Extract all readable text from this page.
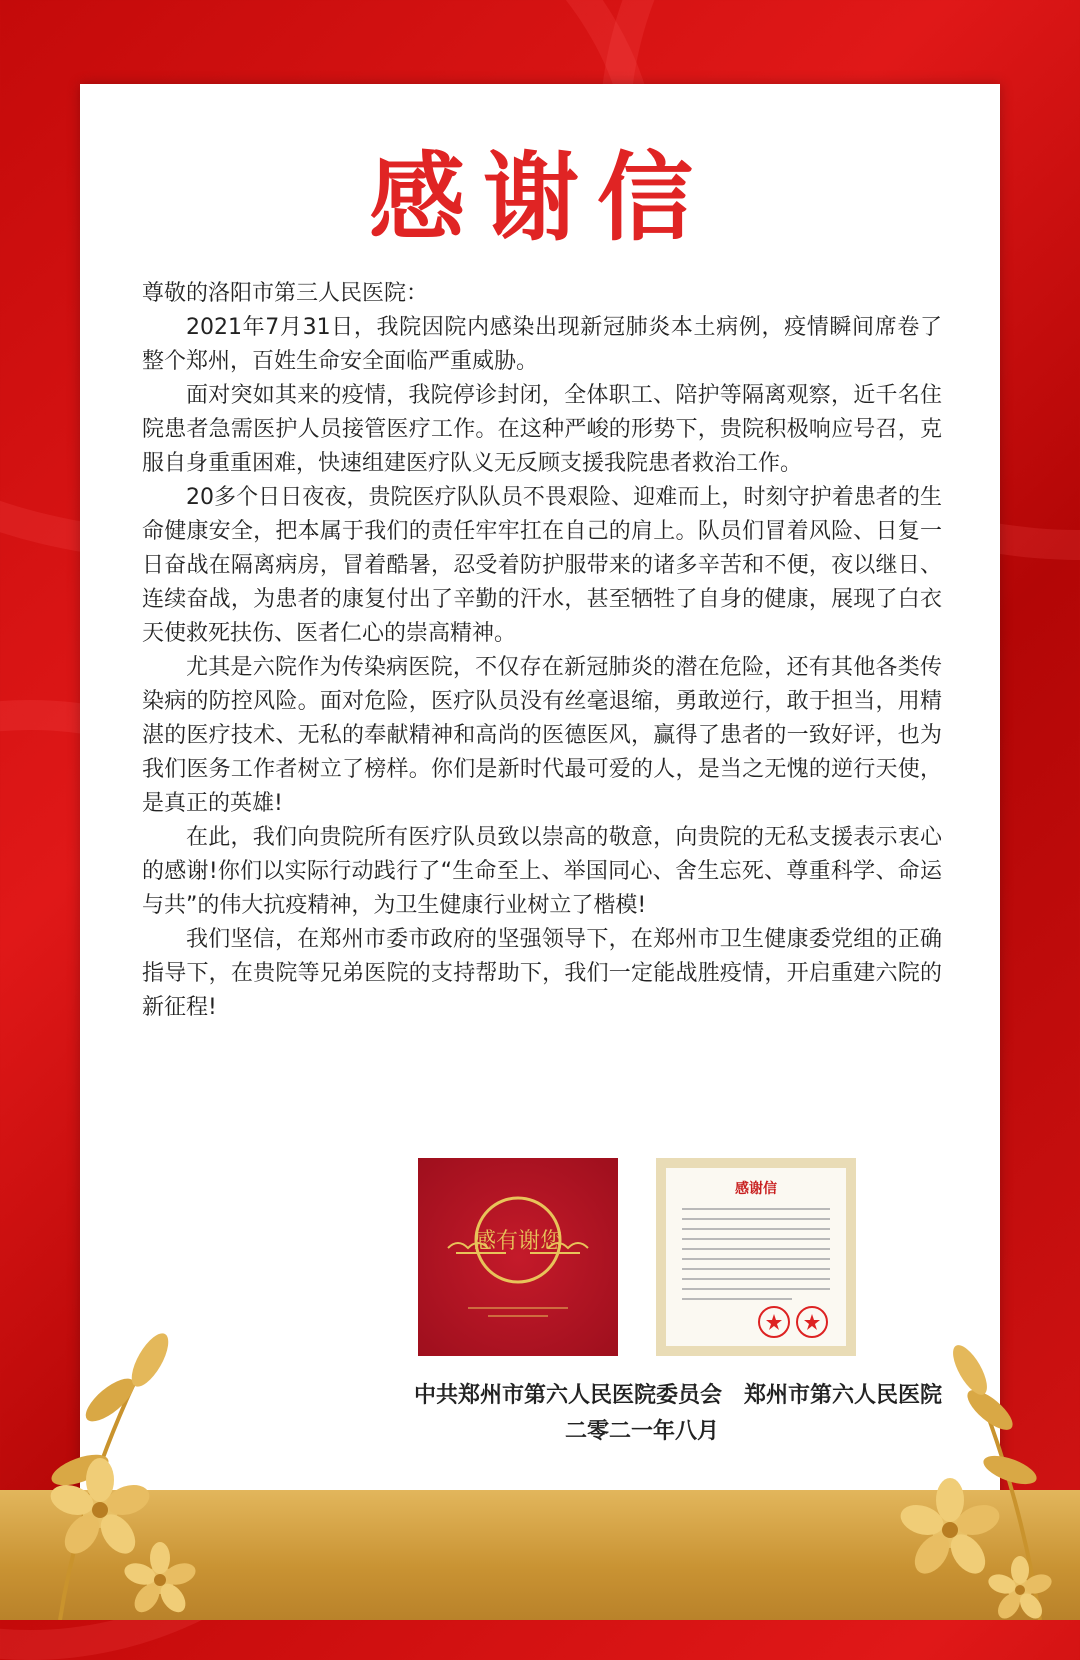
感谢信

尊敬的洛阳市第三人民医院：

2021年7月31日，我院因院内感染出现新冠肺炎本土病例，疫情瞬间席卷了整个郑州，百姓生命安全面临严重威胁。

面对突如其来的疫情，我院停诊封闭，全体职工、陪护等隔离观察，近千名住院患者急需医护人员接管医疗工作。在这种严峻的形势下，贵院积极响应号召，克服自身重重困难，快速组建医疗队义无反顾支援我院患者救治工作。

20多个日日夜夜，贵院医疗队队员不畏艰险、迎难而上，时刻守护着患者的生命健康安全，把本属于我们的责任牢牢扛在自己的肩上。队员们冒着风险、日复一日奋战在隔离病房，冒着酷暑，忍受着防护服带来的诸多辛苦和不便，夜以继日、连续奋战，为患者的康复付出了辛勤的汗水，甚至牺牲了自身的健康，展现了白衣天使救死扶伤、医者仁心的崇高精神。

尤其是六院作为传染病医院，不仅存在新冠肺炎的潜在危险，还有其他各类传染病的防控风险。面对危险，医疗队员没有丝毫退缩，勇敢逆行，敢于担当，用精湛的医疗技术、无私的奉献精神和高尚的医德医风，赢得了患者的一致好评，也为我们医务工作者树立了榜样。你们是新时代最可爱的人，是当之无愧的逆行天使，是真正的英雄!

在此，我们向贵院所有医疗队员致以崇高的敬意，向贵院的无私支援表示衷心的感谢!你们以实际行动践行了“生命至上、举国同心、舍生忘死、尊重科学、命运与共”的伟大抗疫精神，为卫生健康行业树立了楷模!

我们坚信，在郑州市委市政府的坚强领导下，在郑州市卫生健康委党组的正确指导下，在贵院等兄弟医院的支持帮助下，我们一定能战胜疫情，开启重建六院的新征程!

感有谢您
感谢信
中共郑州市第六人民医院委员会　郑州市第六人民医院
二零二一年八月
